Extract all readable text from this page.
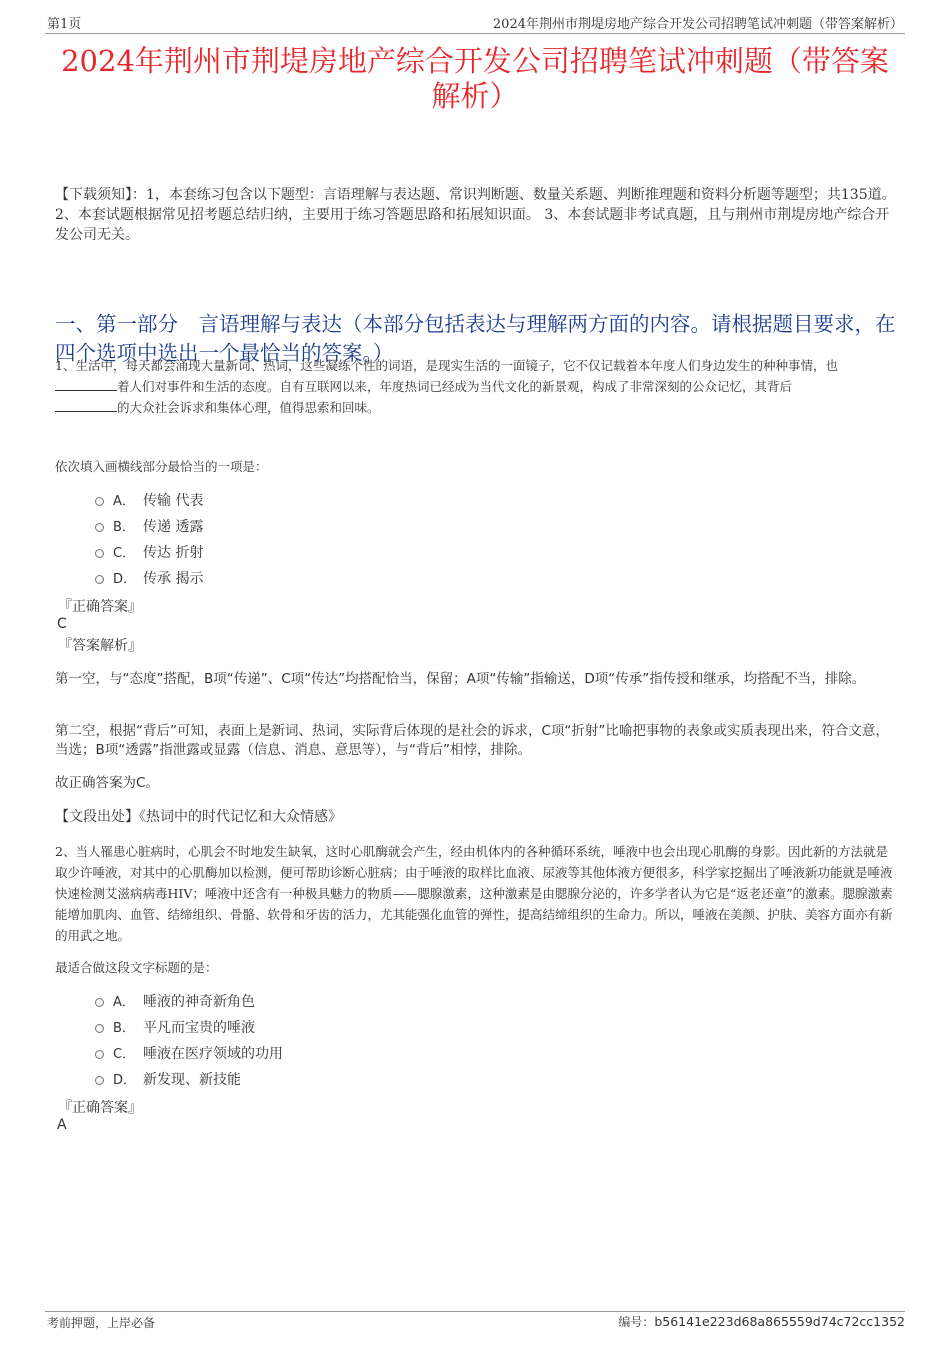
第1页	2024年荆州市荆堤房地产综合开发公司招聘笔试冲刺题（带答案解析）
2024年荆州市荆堤房地产综合开发公司招聘笔试冲刺题（带答案解析）
【下载须知】：1，本套练习包含以下题型：言语理解与表达题、常识判断题、数量关系题、判断推理题和资料分析题等题型；共135道。 2、本套试题根据常见招考题总结归纳，主要用于练习答题思路和拓展知识面。 3、本套试题非考试真题，且与荆州市荆堤房地产综合开发公司无关。
一、第一部分　言语理解与表达（本部分包括表达与理解两方面的内容。请根据题目要求，在四个选项中选出一个最恰当的答案。）
1、生活中，每天都会涌现大量新词、热词，这些凝练个性的词语，是现实生活的一面镜子，它不仅记载着本年度人们身边发生的种种事情，也
着人们对事件和生活的态度。自有互联网以来，年度热词已经成为当代文化的新景观，构成了非常深刻的公众记忆，其背后
的大众社会诉求和集体心理，值得思索和回味。
依次填入画横线部分最恰当的一项是：
A． 传输 代表
B． 传递 透露
C． 传达 折射
D． 传承 揭示
『正确答案』
C
『答案解析』
第一空，与“态度”搭配，B项“传递”、C项“传达”均搭配恰当，保留；A项“传输”指输送，D项“传承”指传授和继承，均搭配不当，排除。
第二空，根据“背后”可知，表面上是新词、热词，实际背后体现的是社会的诉求，C项“折射”比喻把事物的表象或实质表现出来，符合文意，当选；B项“透露”指泄露或显露（信息、消息、意思等），与“背后”相悖，排除。
故正确答案为C。
【文段出处】《热词中的时代记忆和大众情感》
2、当人罹患心脏病时，心肌会不时地发生缺氧，这时心肌酶就会产生，经由机体内的各种循环系统，唾液中也会出现心肌酶的身影。因此新的方法就是取少许唾液，对其中的心肌酶加以检测，便可帮助诊断心脏病；由于唾液的取样比血液、尿液等其他体液方便很多，科学家挖掘出了唾液新功能就是唾液快速检测艾滋病病毒HIV；唾液中还含有一种极具魅力的物质——腮腺激素，这种激素是由腮腺分泌的，许多学者认为它是“返老还童”的激素。腮腺激素能增加肌肉、血管、结缔组织、骨骼、软骨和牙齿的活力，尤其能强化血管的弹性，提高结缔组织的生命力。所以，唾液在美颜、护肤、美容方面亦有新的用武之地。
最适合做这段文字标题的是：
A． 唾液的神奇新角色
B． 平凡而宝贵的唾液
C． 唾液在医疗领域的功用
D． 新发现、新技能
『正确答案』
A
考前押题，上岸必备	编号：b56141e223d68a865559d74c72cc1352
